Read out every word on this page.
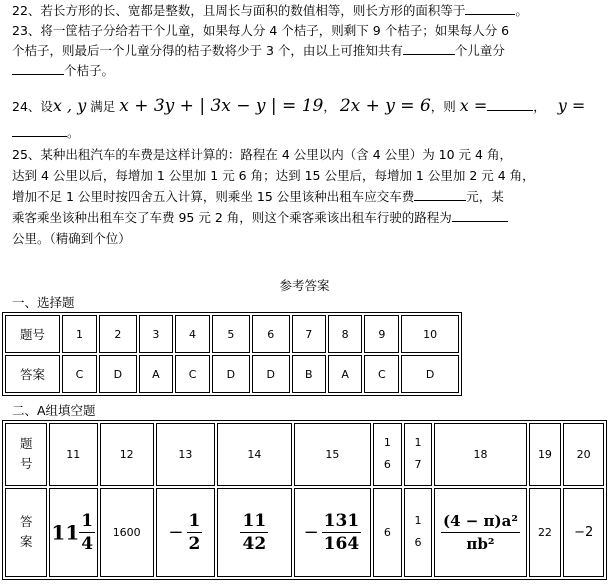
22、若长方形的长、宽都是整数，且周长与面积的数值相等，则长方形的面积等于	。
23、将一筐桔子分给若干个儿童，如果每人分 4 个桔子，则剩下 9 个桔子；如果每人分 6
个桔子，则最后一个儿童分得的桔子数将少于 3 个，由以上可推知共有	个儿童分
个桔子。
24、设x , y 满足 x + 3y + | 3x − y | = 19， 2x + y = 6，则 x =	， y =
。
25、某种出租汽车的车费是这样计算的：路程在 4 公里以内（含 4 公里）为 10 元 4 角，
达到 4 公里以后，每增加 1 公里加 1 元 6 角；达到 15 公里后，每增加 1 公里加 2 元 4 角，
增加不足 1 公里时按四舍五入计算，则乘坐 15 公里该种出租车应交车费	元，某
乘客乘坐该种出租车交了车费 95 元 2 角，则这个乘客乘该出租车行驶的路程为
公里。（精确到个位）
参考答案
一、选择题
题号	1	2	3	4	5	6	7	8	9	10
答案	C	D	A	C	D	D	B	A	C	D
二、A组填空题
题号	11	12	13	14	15	16	17	18	19	20
答案	$11 \frac{1}{4}$	1600	− $\frac{1}{2}$	$\frac{11}{42}$	− $\frac{131}{164}$	6	16	$\frac{\text{(4 − π)a²}}{\text{πb²}}$	22	−2
